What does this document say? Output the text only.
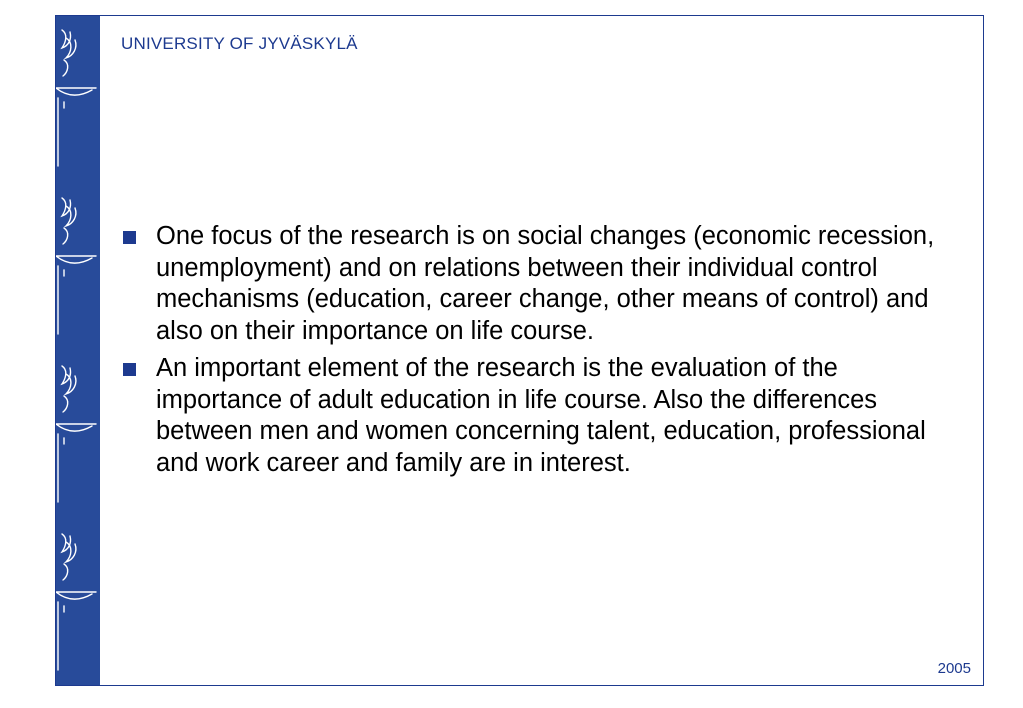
UNIVERSITY OF JYVÄSKYLÄ
One focus of the research is on social changes (economic recession, unemployment) and on relations between their individual control mechanisms (education, career change, other means of control) and also on their importance on life course.
An important element of the research is the evaluation of the importance of adult education in life course. Also the differences between men and women concerning talent, education, professional and work career and family are in interest.
2005
